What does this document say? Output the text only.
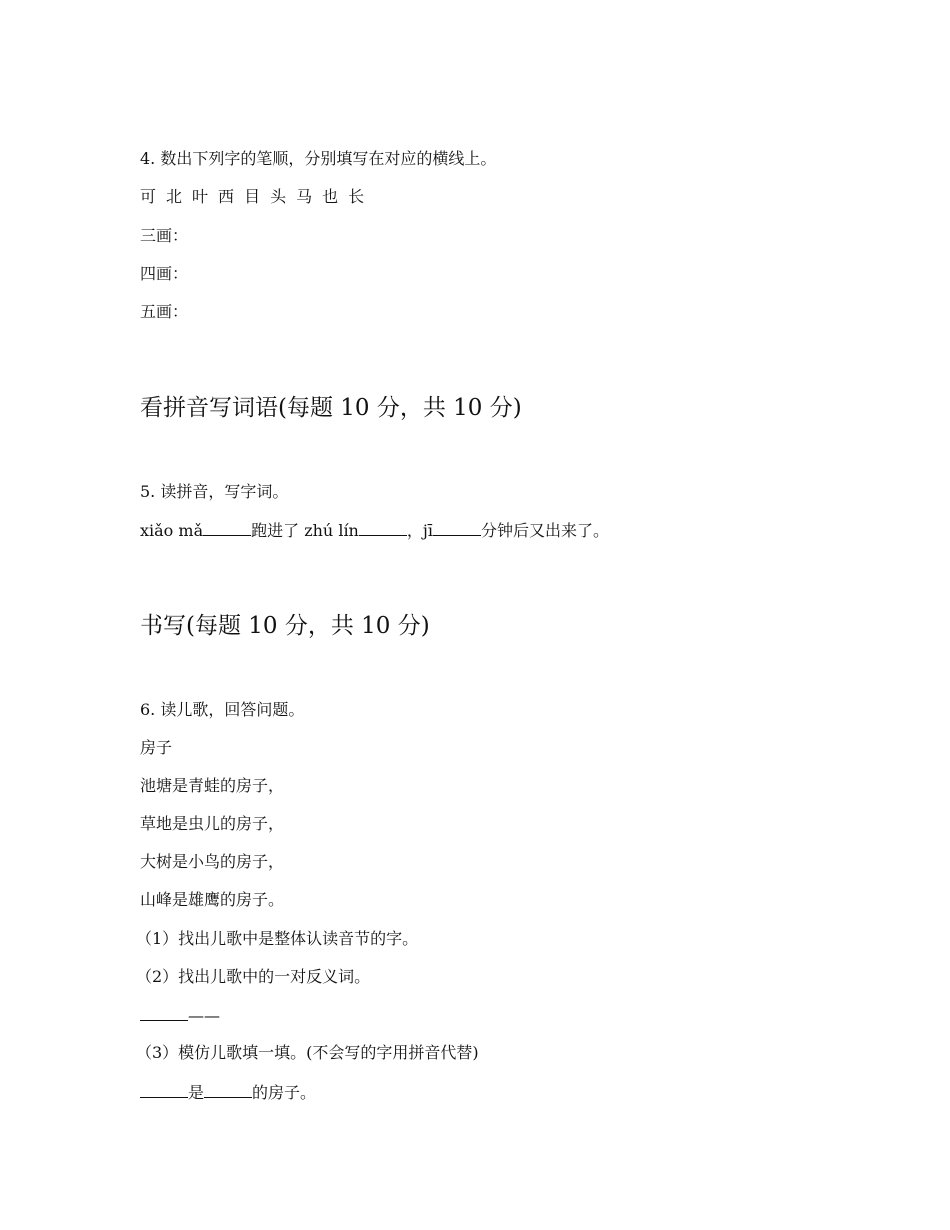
4. 数出下列字的笔顺，分别填写在对应的横线上。
可 北 叶 西 目 头 马 也 长
三画：
四画：
五画：
看拼音写词语(每题 10 分，共 10 分)
5. 读拼音，写字词。
xiǎo mǎ	跑进了 zhú lín	，jī	分钟后又出来了。
书写(每题 10 分，共 10 分)
6. 读儿歌，回答问题。
房子
池塘是青蛙的房子，
草地是虫儿的房子，
大树是小鸟的房子，
山峰是雄鹰的房子。
（1）找出儿歌中是整体认读音节的字。
（2）找出儿歌中的一对反义词。
——
（3）模仿儿歌填一填。(不会写的字用拼音代替)
是	的房子。
